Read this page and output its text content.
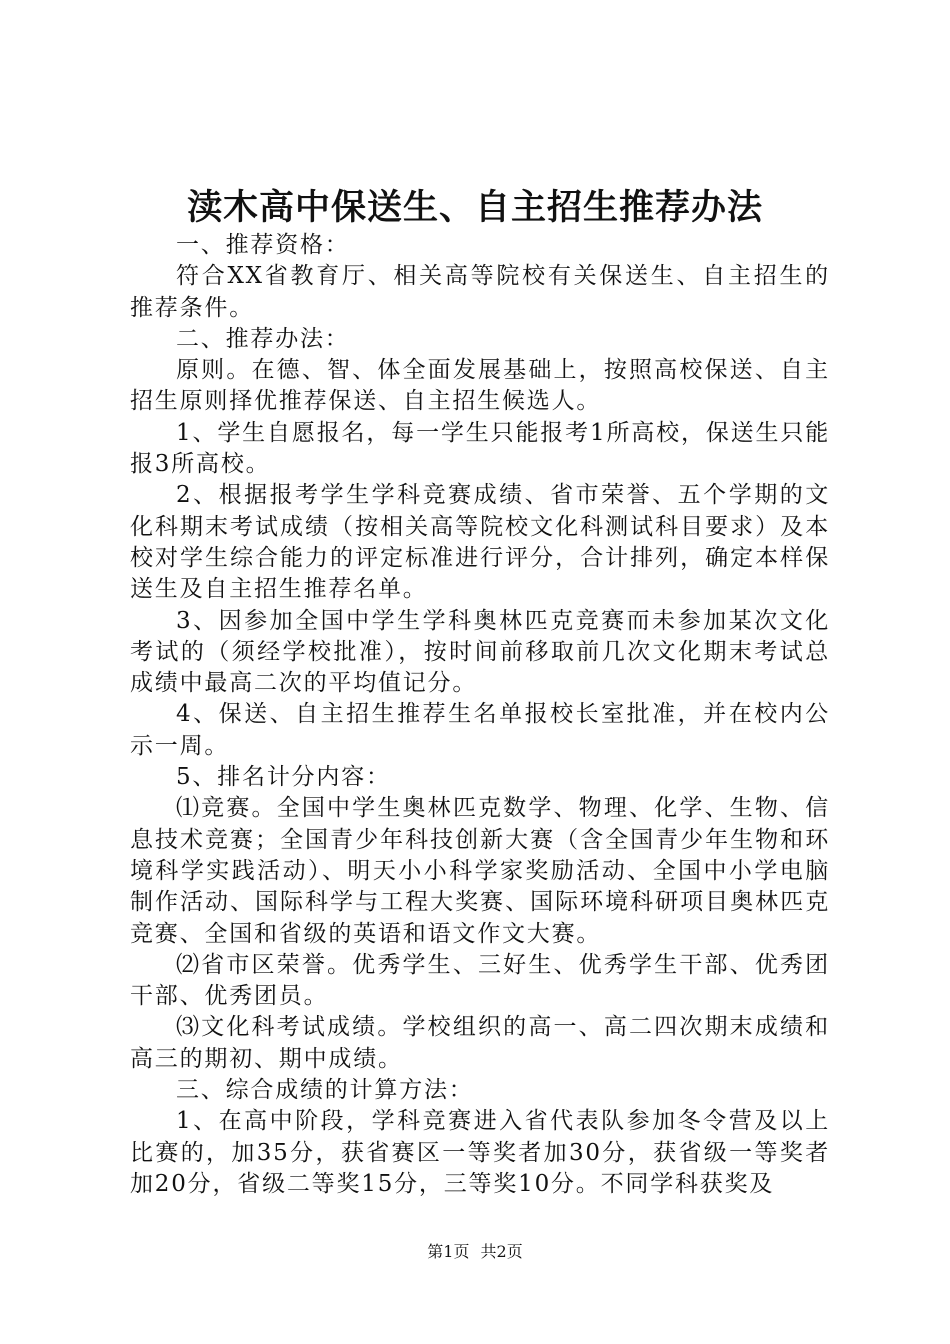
渎木高中保送生、自主招生推荐办法

一、推荐资格：

符合XX省教育厅、相关高等院校有关保送生、自主招生的推荐条件。

二、推荐办法：

原则。在德、智、体全面发展基础上，按照高校保送、自主招生原则择优推荐保送、自主招生候选人。

1、学生自愿报名，每一学生只能报考1所高校，保送生只能报3所高校。

2、根据报考学生学科竞赛成绩、省市荣誉、五个学期的文化科期末考试成绩（按相关高等院校文化科测试科目要求）及本校对学生综合能力的评定标准进行评分，合计排列，确定本样保送生及自主招生推荐名单。

3、因参加全国中学生学科奥林匹克竞赛而未参加某次文化考试的（须经学校批准），按时间前移取前几次文化期末考试总成绩中最高二次的平均值记分。

4、保送、自主招生推荐生名单报校长室批准，并在校内公示一周。

5、排名计分内容：

⑴竞赛。全国中学生奥林匹克数学、物理、化学、生物、信息技术竞赛；全国青少年科技创新大赛（含全国青少年生物和环境科学实践活动）、明天小小科学家奖励活动、全国中小学电脑制作活动、国际科学与工程大奖赛、国际环境科研项目奥林匹克竞赛、全国和省级的英语和语文作文大赛。

⑵省市区荣誉。优秀学生、三好生、优秀学生干部、优秀团干部、优秀团员。

⑶文化科考试成绩。学校组织的高一、高二四次期末成绩和高三的期初、期中成绩。

三、综合成绩的计算方法：

1、在高中阶段，学科竞赛进入省代表队参加冬令营及以上比赛的，加35分，获省赛区一等奖者加30分，获省级一等奖者加20分，省级二等奖15分，三等奖10分。不同学科获奖及

第1页 共2页
